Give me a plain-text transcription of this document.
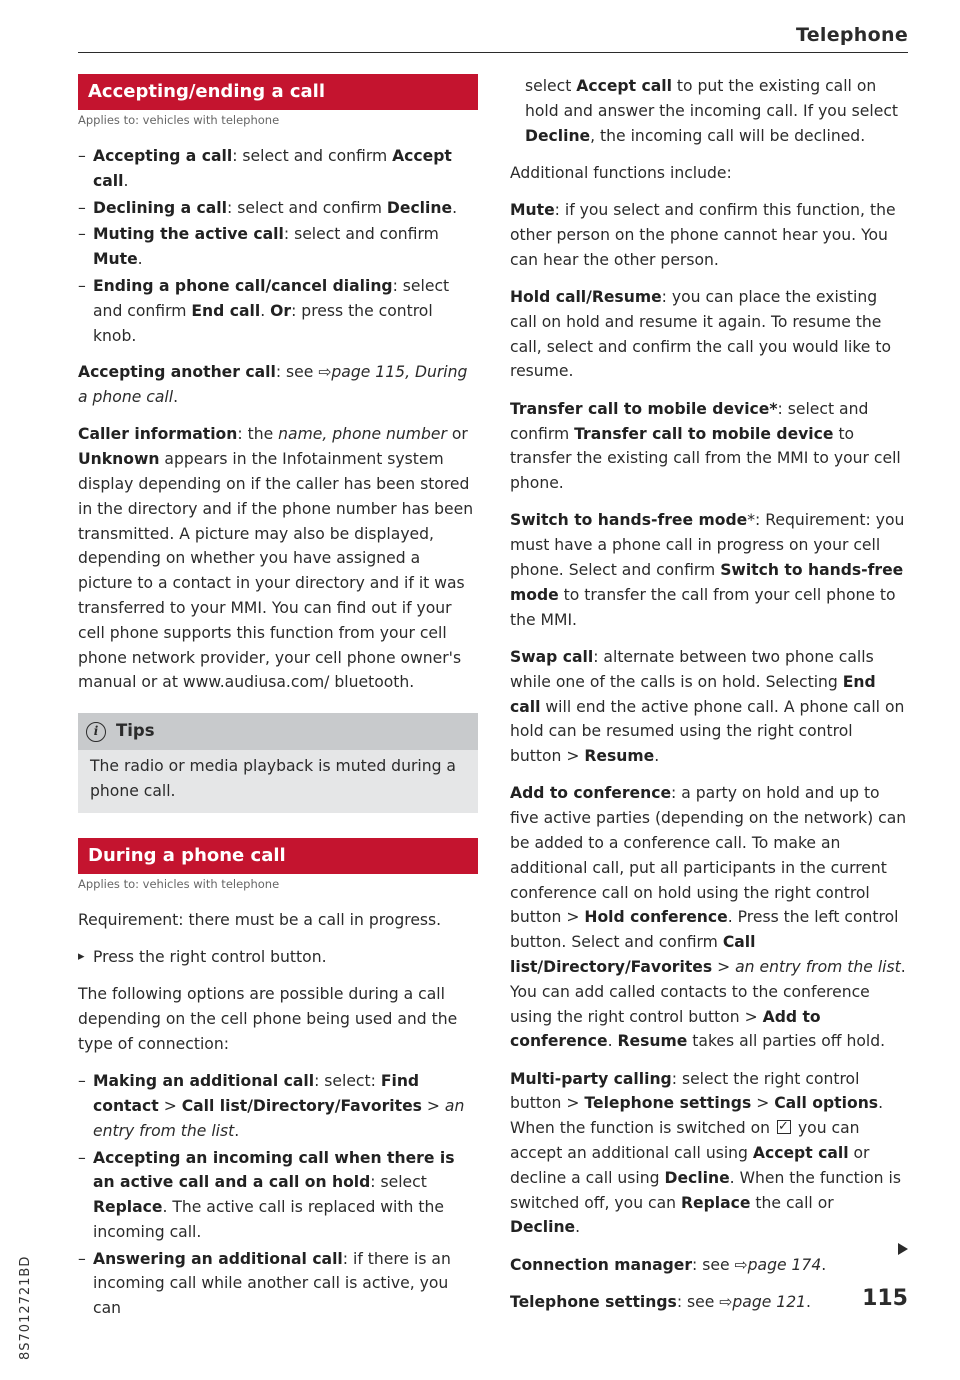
Telephone
Accepting/ending a call
Applies to: vehicles with telephone
– Accepting a call: select and confirm Accept call.
– Declining a call: select and confirm Decline.
– Muting the active call: select and confirm Mute.
– Ending a phone call/cancel dialing: select and confirm End call. Or: press the control knob.

Accepting another call: see ⇨page 115, During a phone call.

Caller information: the name, phone number or Unknown appears in the Infotainment system display depending on if the caller has been stored in the directory and if the phone number has been transmitted. A picture may also be displayed, depending on whether you have assigned a picture to a contact in your directory and if it was transferred to your MMI. You can find out if your cell phone supports this function from your cell phone network provider, your cell phone owner's manual or at www.audiusa.com/ bluetooth.

i	Tips
The radio or media playback is muted during a phone call.
During a phone call
Applies to: vehicles with telephone

Requirement: there must be a call in progress.

▸ Press the right control button.

The following options are possible during a call depending on the cell phone being used and the type of connection:

– Making an additional call: select: Find contact > Call list/Directory/Favorites > an entry from the list.
– Accepting an incoming call when there is an active call and a call on hold: select Replace. The active call is replaced with the incoming call.
– Answering an additional call: if there is an incoming call while another call is active, you can

select Accept call to put the existing call on hold and answer the incoming call. If you select Decline, the incoming call will be declined.

Additional functions include:

Mute: if you select and confirm this function, the other person on the phone cannot hear you. You can hear the other person.

Hold call/Resume: you can place the existing call on hold and resume it again. To resume the call, select and confirm the call you would like to resume.

Transfer call to mobile device*: select and confirm Transfer call to mobile device to transfer the existing call from the MMI to your cell phone.

Switch to hands-free mode*: Requirement: you must have a phone call in progress on your cell phone. Select and confirm Switch to hands-free mode to transfer the call from your cell phone to the MMI.

Swap call: alternate between two phone calls while one of the calls is on hold. Selecting End call will end the active phone call. A phone call on hold can be resumed using the right control button > Resume.

Add to conference: a party on hold and up to five active parties (depending on the network) can be added to a conference call. To make an additional call, put all participants in the current conference call on hold using the right control button > Hold conference. Press the left control button. Select and confirm Call list/Directory/Favorites > an entry from the list. You can add called contacts to the conference using the right control button > Add to conference. Resume takes all parties off hold.

Multi-party calling: select the right control button > Telephone settings > Call options. When the function is switched on ✓ you can accept an additional call using Accept call or decline a call using Decline. When the function is switched off, you can Replace the call or Decline.

Connection manager: see ⇨page 174.

Telephone settings: see ⇨page 121.	115
8S7012721BD
